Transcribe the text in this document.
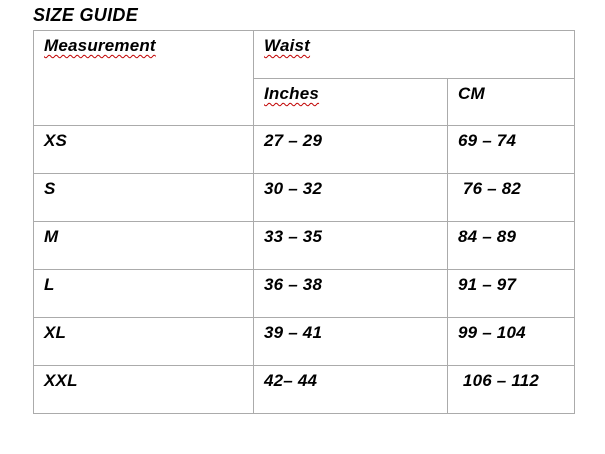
SIZE GUIDE
Measurement	Waist	
	Inches	CM
XS	27 – 29	69 – 74
S	30 – 32	76 – 82
M	33 – 35	84 – 89
L	36 – 38	91 – 97
XL	39 – 41	99 – 104
XXL	42– 44	106 – 112
